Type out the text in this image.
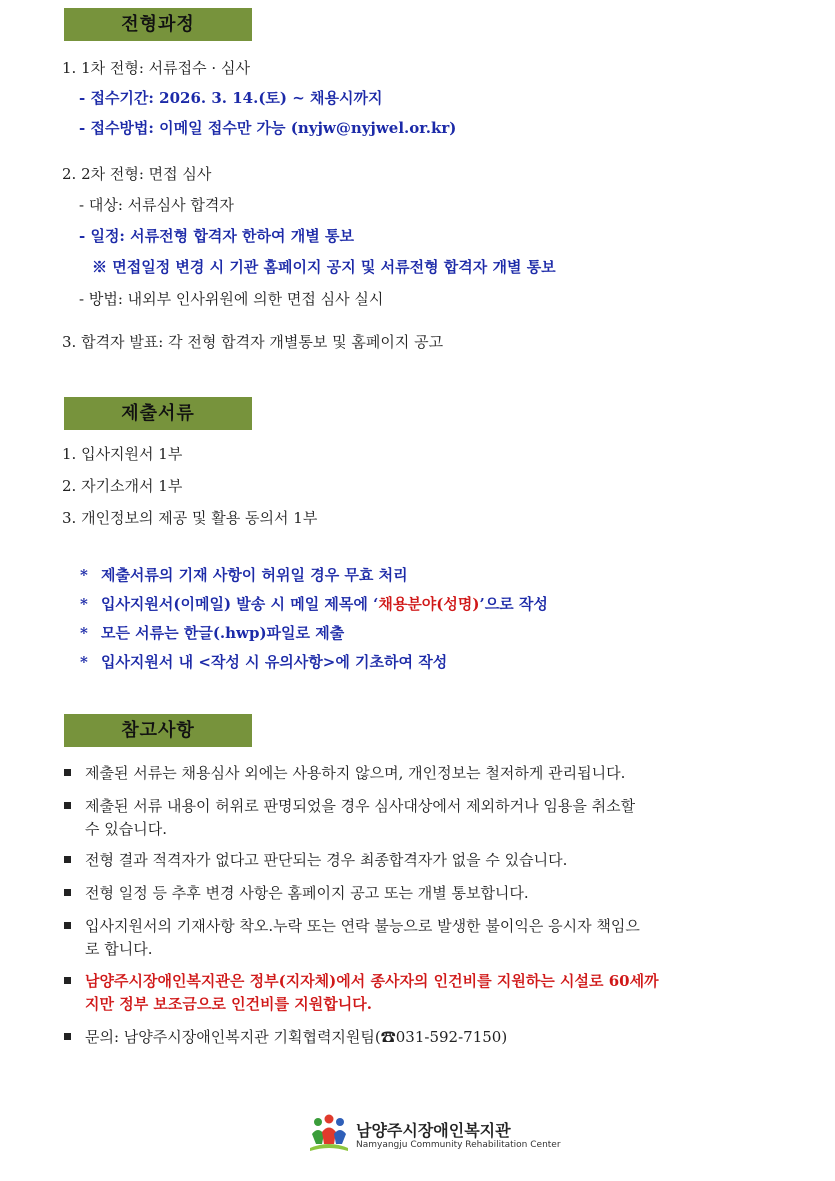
전형과정
1. 1차 전형: 서류접수 · 심사
- 접수기간: 2026. 3. 14.(토) ~ 채용시까지
- 접수방법: 이메일 접수만 가능 (nyjw@nyjwel.or.kr)
2. 2차 전형: 면접 심사
- 대상: 서류심사 합격자
- 일정: 서류전형 합격자 한하여 개별 통보
※ 면접일정 변경 시 기관 홈페이지 공지 및 서류전형 합격자 개별 통보
- 방법: 내외부 인사위원에 의한 면접 심사 실시
3. 합격자 발표: 각 전형 합격자 개별통보 및 홈페이지 공고
제출서류
1. 입사지원서 1부
2. 자기소개서 1부
3. 개인정보의 제공 및 활용 동의서 1부
* 제출서류의 기재 사항이 허위일 경우 무효 처리
* 입사지원서(이메일) 발송 시 메일 제목에 ‘채용분야(성명)’으로 작성
* 모든 서류는 한글(.hwp)파일로 제출
* 입사지원서 내 <작성 시 유의사항>에 기초하여 작성
참고사항
제출된 서류는 채용심사 외에는 사용하지 않으며, 개인정보는 철저하게 관리됩니다.
제출된 서류 내용이 허위로 판명되었을 경우 심사대상에서 제외하거나 임용을 취소할
수 있습니다.
전형 결과 적격자가 없다고 판단되는 경우 최종합격자가 없을 수 있습니다.
전형 일정 등 추후 변경 사항은 홈페이지 공고 또는 개별 통보합니다.
입사지원서의 기재사항 착오.누락 또는 연락 불능으로 발생한 불이익은 응시자 책임으
로 합니다.
남양주시장애인복지관은 정부(지자체)에서 종사자의 인건비를 지원하는 시설로 60세까
지만 정부 보조금으로 인건비를 지원합니다.
문의: 남양주시장애인복지관 기획협력지원팀(☎031-592-7150)
남양주시장애인복지관
Namyangju Community Rehabilitation Center
